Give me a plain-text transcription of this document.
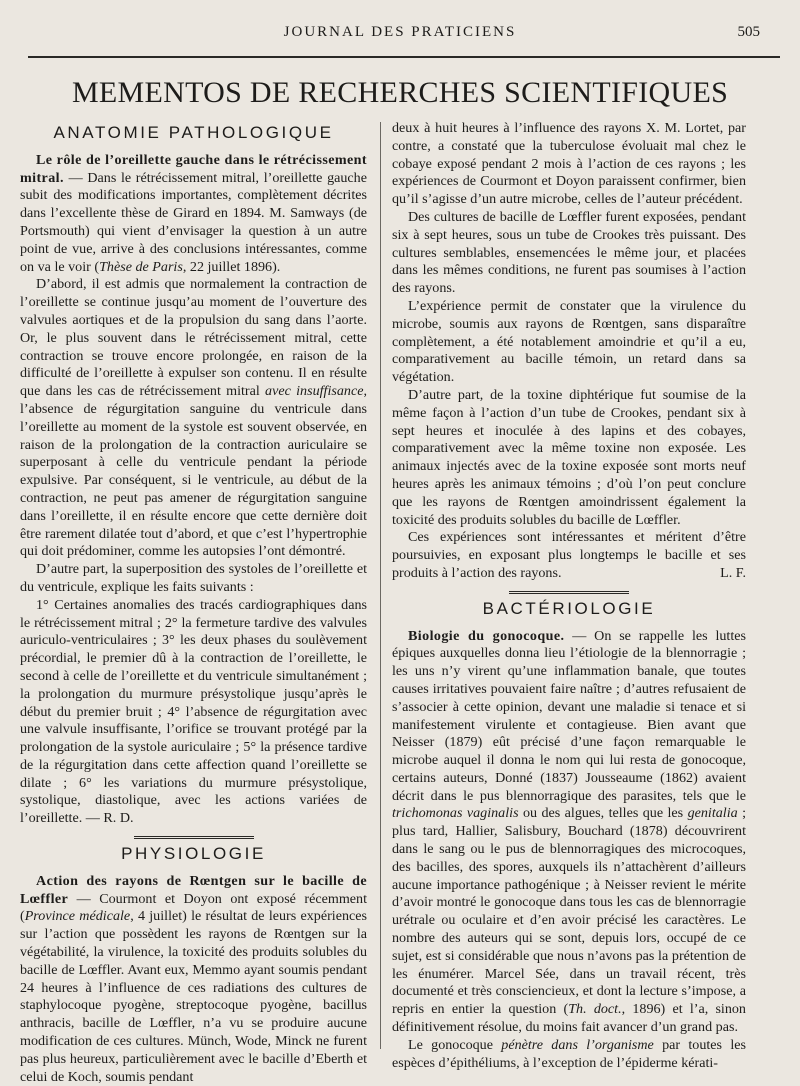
JOURNAL DES PRATICIENS	505
MEMENTOS DE RECHERCHES SCIENTIFIQUES
ANATOMIE PATHOLOGIQUE

Le rôle de l’oreillette gauche dans le rétrécissement mitral. — Dans le rétrécissement mitral, l’oreillette gauche subit des modifications importantes, complètement décrites dans l’excellente thèse de Girard en 1894. M. Samways (de Portsmouth) qui vient d’envisager la question à un autre point de vue, arrive à des conclusions intéressantes, comme on va le voir (Thèse de Paris, 22 juillet 1896).

D’abord, il est admis que normalement la contraction de l’oreillette se continue jusqu’au moment de l’ouverture des valvules aortiques et de la propulsion du sang dans l’aorte. Or, le plus souvent dans le rétrécissement mitral, cette contraction se trouve encore prolongée, en raison de la difficulté de l’oreillette à expulser son contenu. Il en résulte que dans les cas de rétrécissement mitral avec insuffisance, l’absence de régurgitation sanguine du ventricule dans l’oreillette au moment de la systole est souvent observée, en raison de la prolongation de la contraction auriculaire se superposant à celle du ventricule pendant la période expulsive. Par conséquent, si le ventricule, au début de la contraction, ne peut pas amener de régurgitation sanguine dans l’oreillette, il en résulte encore que cette dernière doit être rarement dilatée tout d’abord, et que c’est l’hypertrophie qui doit prédominer, comme les autopsies l’ont démontré.

D’autre part, la superposition des systoles de l’oreillette et du ventricule, explique les faits suivants :

1° Certaines anomalies des tracés cardiographiques dans le rétrécissement mitral ; 2° la fermeture tardive des valvules auriculo-ventriculaires ; 3° les deux phases du soulèvement précordial, le premier dû à la contraction de l’oreillette, le second à celle de l’oreillette et du ventricule simultanément ; la prolongation du murmure présystolique jusqu’après le début du premier bruit ; 4° l’absence de régurgitation avec une valvule insuffisante, l’orifice se trouvant protégé par la prolongation de la systole auriculaire ; 5° la présence tardive de la régurgitation dans cette affection quand l’oreillette se dilate ; 6° les variations du murmure présystolique, systolique, diastolique, avec les actions variées de l’oreillette. — R. D.

PHYSIOLOGIE

Action des rayons de Rœntgen sur le bacille de Lœffler — Courmont et Doyon ont exposé récemment (Province médicale, 4 juillet) le résultat de leurs expériences sur l’action que possèdent les rayons de Rœntgen sur la végétabilité, la virulence, la toxicité des produits solubles du bacille de Lœffler. Avant eux, Memmo ayant soumis pendant 24 heures à l’influence de ces radiations des cultures de staphylocoque pyogène, streptocoque pyogène, bacillus anthracis, bacille de Lœffler, n’a vu se produire aucune modification de ces cultures. Münch, Wode, Minck ne furent pas plus heureux, particulièrement avec le bacille d’Eberth et celui de Koch, soumis pendant

deux à huit heures à l’influence des rayons X. M. Lortet, par contre, a constaté que la tuberculose évoluait mal chez le cobaye exposé pendant 2 mois à l’action de ces rayons ; les expériences de Courmont et Doyon paraissent confirmer, bien qu’il s’agisse d’un autre microbe, celles de l’auteur précédent.

Des cultures de bacille de Lœffler furent exposées, pendant six à sept heures, sous un tube de Crookes très puissant. Des cultures semblables, ensemencées le même jour, et placées dans les mêmes conditions, ne furent pas soumises à l’action des rayons.

L’expérience permit de constater que la virulence du microbe, soumis aux rayons de Rœntgen, sans disparaître complètement, a été notablement amoindrie et qu’il a eu, comparativement au bacille témoin, un retard dans sa végétation.

D’autre part, de la toxine diphtérique fut soumise de la même façon à l’action d’un tube de Crookes, pendant six à sept heures et inoculée à des lapins et des cobayes, comparativement avec la même toxine non exposée. Les animaux injectés avec de la toxine exposée sont morts neuf heures après les animaux témoins ; d’où l’on peut conclure que les rayons de Rœntgen amoindrissent également la toxicité des produits solubles du bacille de Lœffler.

Ces expériences sont intéressantes et méritent d’être poursuivies, en exposant plus longtemps le bacille et ses produits à l’action des rayons.	L. F.

BACTÉRIOLOGIE

Biologie du gonocoque. — On se rappelle les luttes épiques auxquelles donna lieu l’étiologie de la blennorragie ; les uns n’y virent qu’une inflammation banale, que toutes causes irritatives pouvaient faire naître ; d’autres refusaient de s’associer à cette opinion, devant une maladie si tenace et si manifestement virulente et contagieuse. Bien avant que Neisser (1879) eût précisé d’une façon remarquable le microbe auquel il donna le nom qui lui resta de gonocoque, certains auteurs, Donné (1837) Jousseaume (1862) avaient décrit dans le pus blennorragique des parasites, tels que le trichomonas vaginalis ou des algues, telles que les genitalia ; plus tard, Hallier, Salisbury, Bouchard (1878) découvrirent dans le sang ou le pus de blennorragiques des microcoques, des bacilles, des spores, auxquels ils n’attachèrent d’ailleurs aucune importance pathogénique ; à Neisser revient le mérite d’avoir montré le gonocoque dans tous les cas de blennorragie urétrale ou oculaire et d’en avoir précisé les caractères. Le nombre des auteurs qui se sont, depuis lors, occupé de ce sujet, est si considérable que nous n’avons pas la prétention de les énumérer. Marcel Sée, dans un travail récent, très documenté et très consciencieux, et dont la lecture s’impose, a repris en entier la question (Th. doct., 1896) et l’a, sinon définitivement résolue, du moins fait avancer d’un grand pas.

Le gonocoque pénètre dans l’organisme par toutes les espèces d’épithéliums, à l’exception de l’épiderme kérati-
